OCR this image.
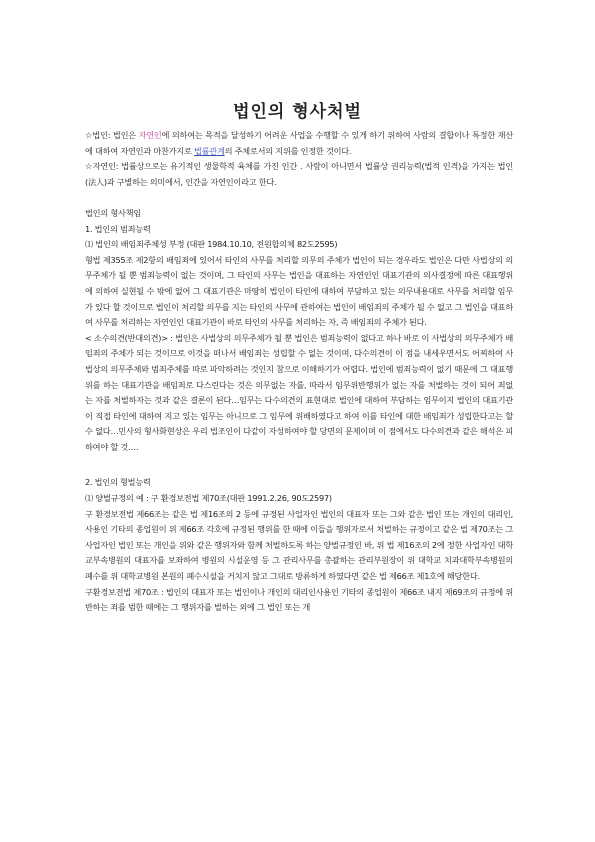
법인의 형사처벌

☆법인: 법인은 자연인에 의하여는 목적을 달성하기 어려운 사업을 수행할 수 있게 하기 위하여 사람의 결합이나 특정한 재산에 대하여 자연인과 마찬가지로 법률관계의 주체로서의 지위를 인정한 것이다.

☆자연인: 법률상으로는 유기적인 생물학적 육체를 가진 인간 . 사람이 아니면서 법률상 권리능력(법적 인격)을 가지는 법인(法人)과 구별하는 의미에서, 인간을 자연인이라고 한다.

법인의 형사책임

1. 법인의 범죄능력

⑴ 법인의 배임죄주체성 부정 (대판 1984.10.10, 전원합의체 82도2595)

형법 제355조 제2항의 배임죄에 있어서 타인의 사무를 처리할 의무의 주체가 법인이 되는 경우라도 법인은 다만 사법상의 의무주체가 될 뿐 범죄능력이 없는 것이며, 그 타인의 사무는 법인을 대표하는 자연인인 대표기관의 의사결정에 따른 대표행위에 의하여 실현될 수 밖에 없어 그 대표기관은 마땅히 법인이 타인에 대하여 부담하고 있는 의무내용대로 사무를 처리할 임무가 있다 할 것이므로 법인이 처리할 의무를 지는 타인의 사무에 관하여는 법인이 배임죄의 주체가 될 수 없고 그 법인을 대표하여 사무를 처리하는 자연인인 대표기관이 바로 타인의 사무를 처리하는 자, 즉 배임죄의 주체가 된다.

< 소수의견(반대의견)> : 법인은 사법상의 의무주체가 될 뿐 법인은 범죄능력이 없다고 하나 바로 이 사법상의 의무주체가 배임죄의 주체가 되는 것이므로 이것을 떠나서 배임죄는 성립할 수 없는 것이며, 다수의견이 이 점을 내세우면서도 어찌하여 사법상의 의무주체와 범죄주체를 따로 파악하려는 것인지 참으로 이해하기가 어렵다. 법인에 범죄능력이 없기 때문에 그 대표행위를 하는 대표기관을 배임죄로 다스린다는 것은 의무없는 자를, 따라서 임무위반행위가 없는 자를 처벌하는 것이 되어 죄없는 자를 처벌하자는 것과 같은 결론이 된다…임무는 다수의견의 표현대로 법인에 대하여 부담하는 임무이지 법인의 대표기관이 직접 타인에 대하여 지고 있는 임무는 아니므로 그 임무에 위배하였다고 하여 이를 타인에 대한 배임죄가 성립한다고는 할 수 없다…민사의 형사화현상은 우리 법조인이 다같이 자성하여야 할 당면의 문제이며 이 점에서도 다수의견과 같은 해석은 피하여야 할 것….

2. 법인의 형벌능력

⑴ 양벌규정의 예 : 구 환경보전법 제70조(대판 1991.2.26, 90도2597)

구 환경보전법 제66조는 같은 법 제16조의 2 등에 규정된 사업자인 법인의 대표자 또는 그와 같은 법인 또는 개인의 대리인, 사용인 기타의 종업원이 위 제66조 각호에 규정된 행위를 한 때에 이들을 행위자로서 처벌하는 규정이고 같은 법 제70조는 그 사업자인 법인 또는 개인을 위와 같은 행위자와 함께 처벌하도록 하는 양벌규정인 바, 위 법 제16조의 2에 정한 사업자인 대학교부속병원의 대표자를 보좌하여 병원의 시설운영 등 그 관리사무를 총괄하는 관리부원장이 위 대학교 치과대학부속병원의 폐수를 위 대학교병원 본원의 폐수시설을 거치지 않고 그대로 방류하게 하였다면 같은 법 제66조 제1호에 해당한다.

구환경보전법 제70조 : 법인의 대표자 또는 법인이나 개인의 대리인사용인 기타의 종업원이 제66조 내지 제69조의 규정에 위반하는 죄를 범한 때에는 그 행위자를 벌하는 외에 그 법인 또는 개
